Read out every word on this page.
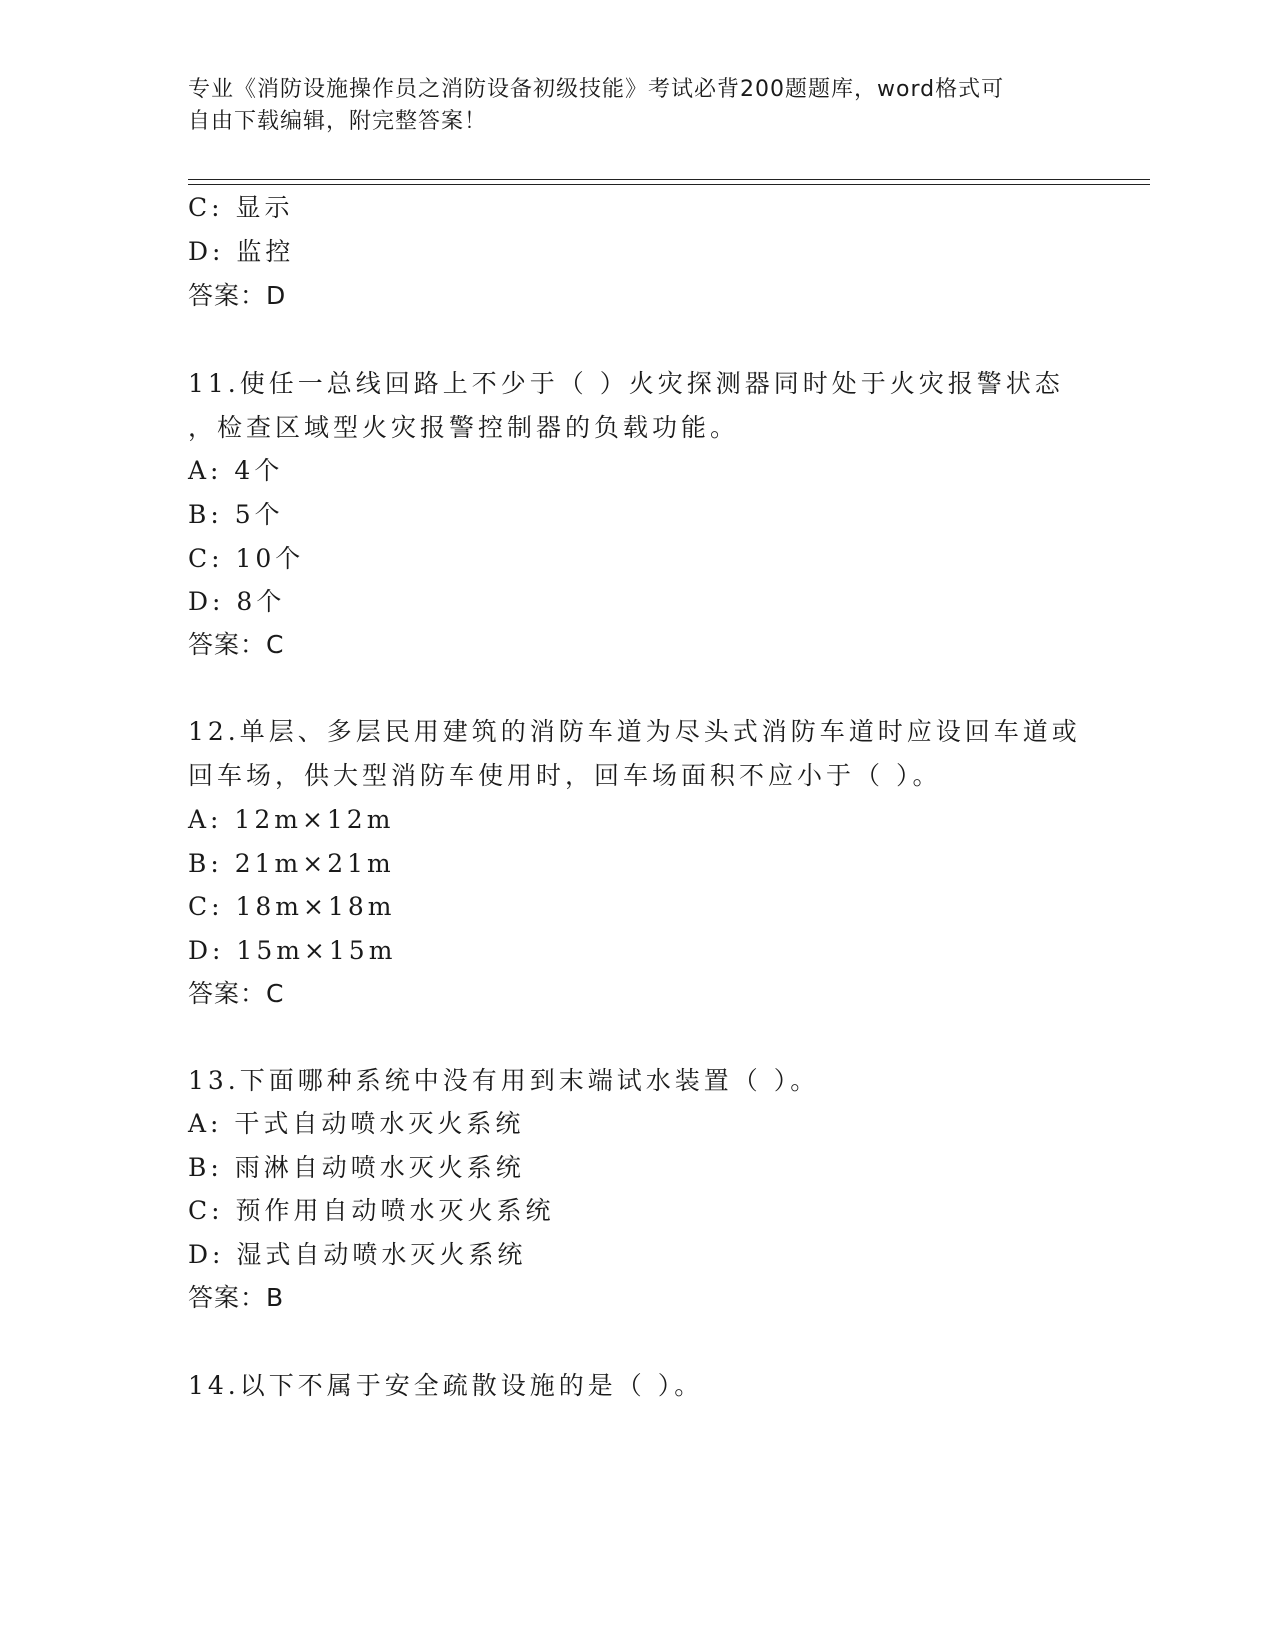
专业《消防设施操作员之消防设备初级技能》考试必背200题题库，word格式可
自由下载编辑，附完整答案！
C: 显示
D: 监控
答案：D
11.使任一总线回路上不少于（ ）火灾探测器同时处于火灾报警状态
，检查区域型火灾报警控制器的负载功能。
A: 4个
B: 5个
C: 10个
D: 8个
答案：C
12.单层、多层民用建筑的消防车道为尽头式消防车道时应设回车道或
回车场，供大型消防车使用时，回车场面积不应小于（ ）。
A: 12m×12m
B: 21m×21m
C: 18m×18m
D: 15m×15m
答案：C
13.下面哪种系统中没有用到末端试水装置（ ）。
A: 干式自动喷水灭火系统
B: 雨淋自动喷水灭火系统
C: 预作用自动喷水灭火系统
D: 湿式自动喷水灭火系统
答案：B
14.以下不属于安全疏散设施的是（ ）。
